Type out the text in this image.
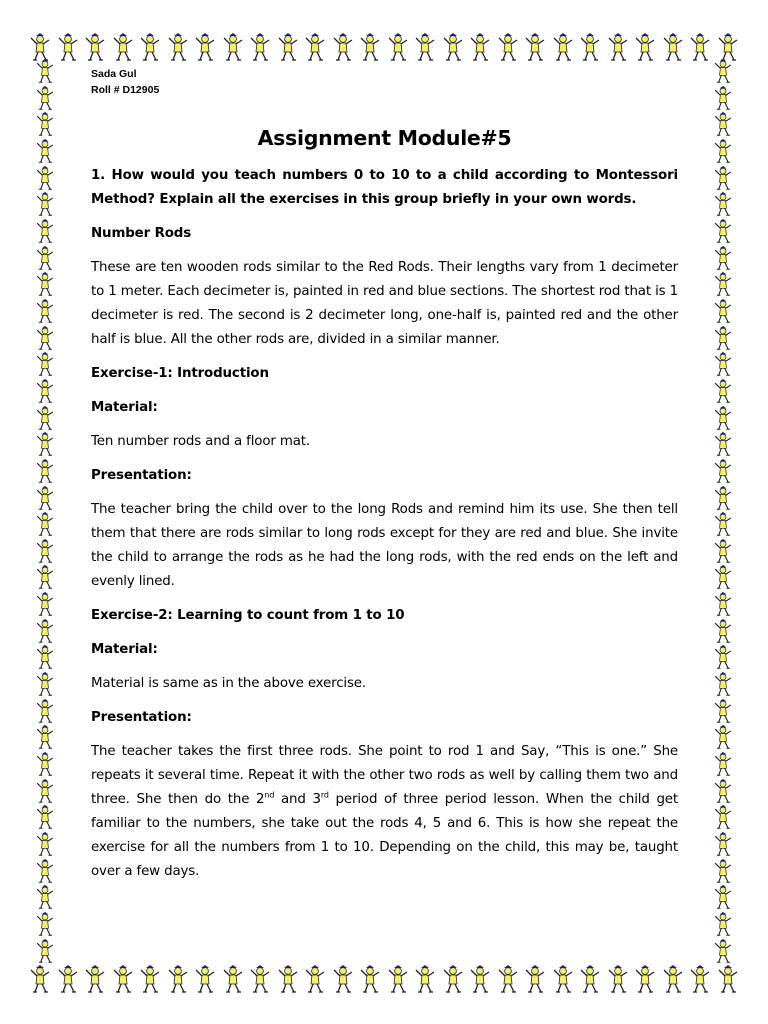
Sada Gul
Roll # D12905
Assignment Module#5

1. How would you teach numbers 0 to 10 to a child according to Montessori Method? Explain all the exercises in this group briefly in your own words.

Number Rods

These are ten wooden rods similar to the Red Rods. Their lengths vary from 1 decimeter to 1 meter. Each decimeter is, painted in red and blue sections. The shortest rod that is 1 decimeter is red. The second is 2 decimeter long, one-half is, painted red and the other half is blue. All the other rods are, divided in a similar manner.

Exercise-1: Introduction
Material:

Ten number rods and a floor mat.

Presentation:

The teacher bring the child over to the long Rods and remind him its use. She then tell them that there are rods similar to long rods except for they are red and blue. She invite the child to arrange the rods as he had the long rods, with the red ends on the left and evenly lined.

Exercise-2: Learning to count from 1 to 10
Material:

Material is same as in the above exercise.

Presentation:

The teacher takes the first three rods. She point to rod 1 and Say, “This is one.” She repeats it several time. Repeat it with the other two rods as well by calling them two and three. She then do the 2nd and 3rd period of three period lesson. When the child get familiar to the numbers, she take out the rods 4, 5 and 6. This is how she repeat the exercise for all the numbers from 1 to 10. Depending on the child, this may be, taught over a few days.
